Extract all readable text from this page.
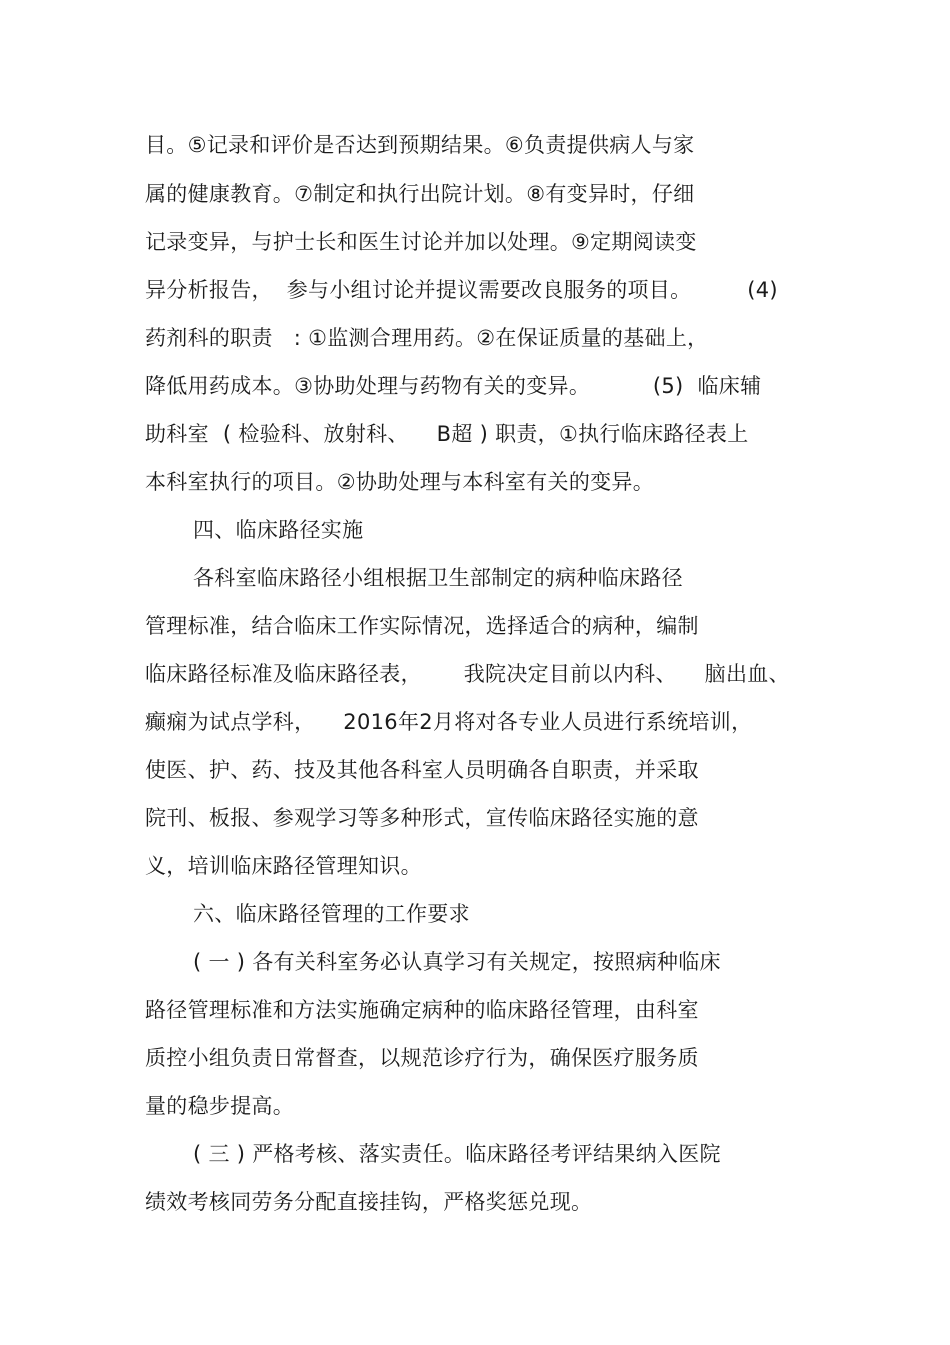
目。⑤记录和评价是否达到预期结果。⑥负责提供病人与家
属的健康教育。⑦制定和执行出院计划。⑧有变异时，仔细
记录变异，与护士长和医生讨论并加以处理。⑨定期阅读变
异分析报告，  参与小组讨论并提议需要改良服务的项目。        (4)
药剂科的职责   : ①监测合理用药。②在保证质量的基础上，
降低用药成本。③协助处理与药物有关的变异。         (5)  临床辅
助科室  ( 检验科、放射科、    B超 ) 职责，①执行临床路径表上
本科室执行的项目。②协助处理与本科室有关的变异。
四、临床路径实施
各科室临床路径小组根据卫生部制定的病种临床路径
管理标准，结合临床工作实际情况，选择适合的病种，编制
临床路径标准及临床路径表，      我院决定目前以内科、    脑出血、
癫痫为试点学科，    2016年2月将对各专业人员进行系统培训，
使医、护、药、技及其他各科室人员明确各自职责，并采取
院刊、板报、参观学习等多种形式，宣传临床路径实施的意
义，培训临床路径管理知识。
六、临床路径管理的工作要求
( 一 ) 各有关科室务必认真学习有关规定，按照病种临床
路径管理标准和方法实施确定病种的临床路径管理，由科室
质控小组负责日常督查，以规范诊疗行为，确保医疗服务质
量的稳步提高。
( 三 ) 严格考核、落实责任。临床路径考评结果纳入医院
绩效考核同劳务分配直接挂钩，严格奖惩兑现。
